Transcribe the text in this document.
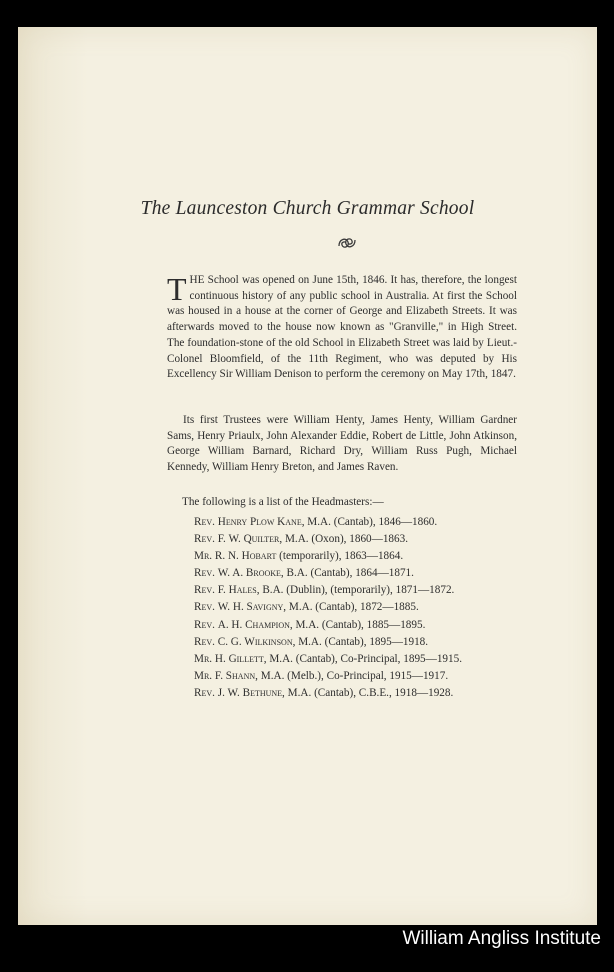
The Launceston Church Grammar School

THE School was opened on June 15th, 1846. It has, therefore, the longest continuous history of any public school in Australia. At first the School was housed in a house at the corner of George and Elizabeth Streets. It was afterwards moved to the house now known as "Granville," in High Street. The foundation-stone of the old School in Elizabeth Street was laid by Lieut.-Colonel Bloomfield, of the 11th Regiment, who was deputed by His Excellency Sir William Denison to perform the ceremony on May 17th, 1847.

Its first Trustees were William Henty, James Henty, William Gardner Sams, Henry Priaulx, John Alexander Eddie, Robert de Little, John Atkinson, George William Barnard, Richard Dry, William Russ Pugh, Michael Kennedy, William Henry Breton, and James Raven.

The following is a list of the Headmasters:—
Rev. Henry Plow Kane, M.A. (Cantab), 1846—1860.
Rev. F. W. Quilter, M.A. (Oxon), 1860—1863.
Mr. R. N. Hobart (temporarily), 1863—1864.
Rev. W. A. Brooke, B.A. (Cantab), 1864—1871.
Rev. F. Hales, B.A. (Dublin), (temporarily), 1871—1872.
Rev. W. H. Savigny, M.A. (Cantab), 1872—1885.
Rev. A. H. Champion, M.A. (Cantab), 1885—1895.
Rev. C. G. Wilkinson, M.A. (Cantab), 1895—1918.
Mr. H. Gillett, M.A. (Cantab), Co-Principal, 1895—1915.
Mr. F. Shann, M.A. (Melb.), Co-Principal, 1915—1917.
Rev. J. W. Bethune, M.A. (Cantab), C.B.E., 1918—1928.
William Angliss Institute
